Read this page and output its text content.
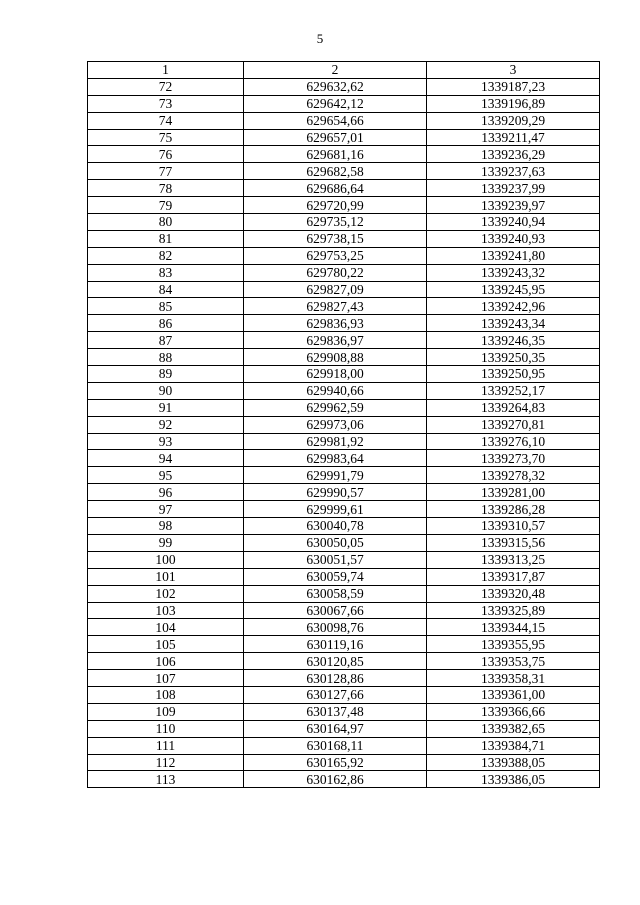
5
1	2	3
72	629632,62	1339187,23
73	629642,12	1339196,89
74	629654,66	1339209,29
75	629657,01	1339211,47
76	629681,16	1339236,29
77	629682,58	1339237,63
78	629686,64	1339237,99
79	629720,99	1339239,97
80	629735,12	1339240,94
81	629738,15	1339240,93
82	629753,25	1339241,80
83	629780,22	1339243,32
84	629827,09	1339245,95
85	629827,43	1339242,96
86	629836,93	1339243,34
87	629836,97	1339246,35
88	629908,88	1339250,35
89	629918,00	1339250,95
90	629940,66	1339252,17
91	629962,59	1339264,83
92	629973,06	1339270,81
93	629981,92	1339276,10
94	629983,64	1339273,70
95	629991,79	1339278,32
96	629990,57	1339281,00
97	629999,61	1339286,28
98	630040,78	1339310,57
99	630050,05	1339315,56
100	630051,57	1339313,25
101	630059,74	1339317,87
102	630058,59	1339320,48
103	630067,66	1339325,89
104	630098,76	1339344,15
105	630119,16	1339355,95
106	630120,85	1339353,75
107	630128,86	1339358,31
108	630127,66	1339361,00
109	630137,48	1339366,66
110	630164,97	1339382,65
111	630168,11	1339384,71
112	630165,92	1339388,05
113	630162,86	1339386,05
